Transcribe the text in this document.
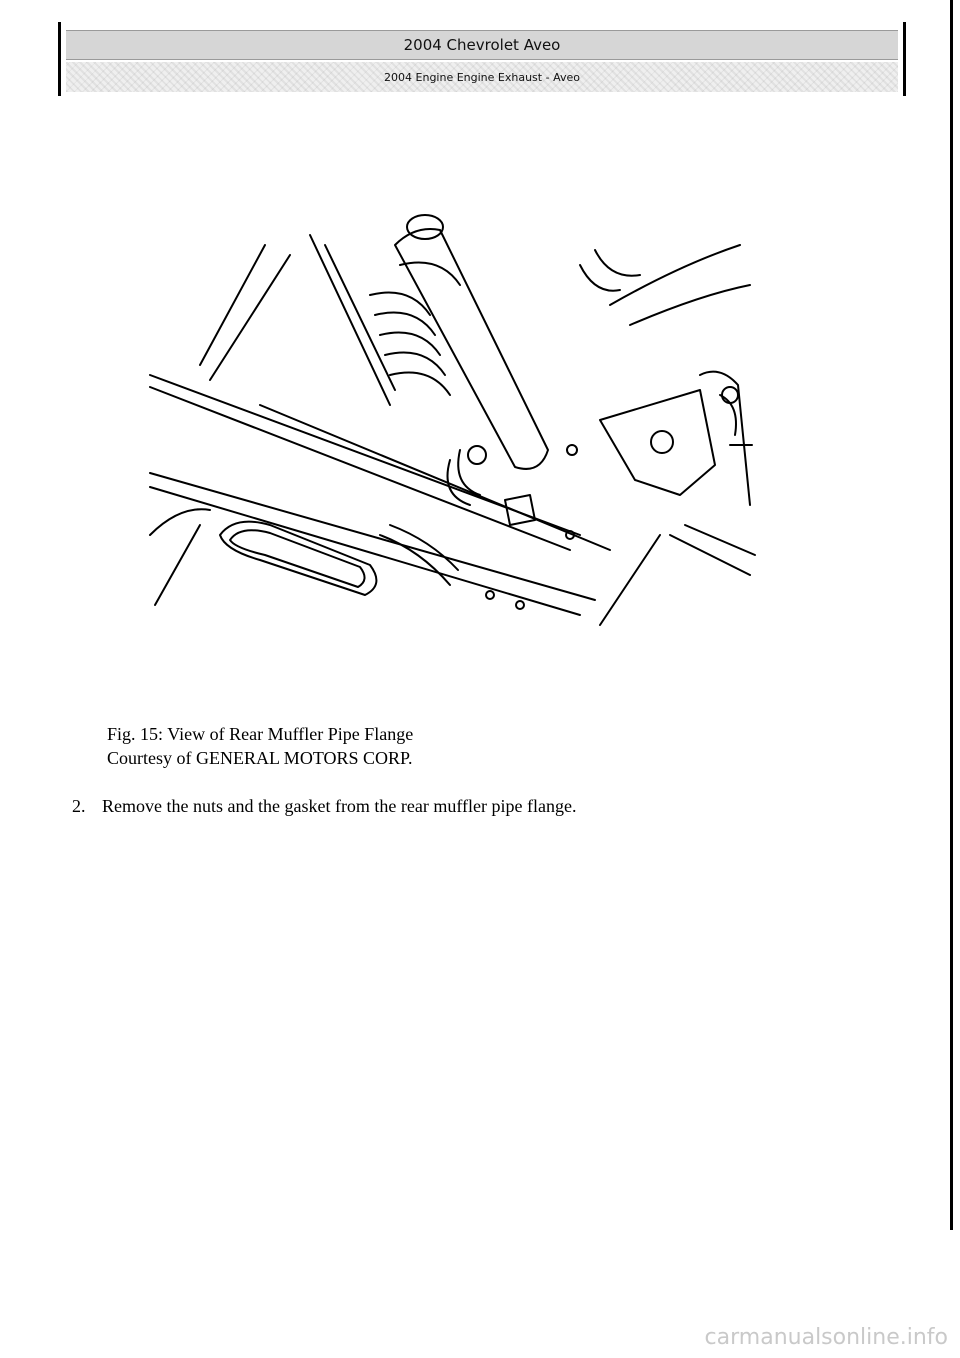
2004 Chevrolet Aveo
2004 Engine Engine Exhaust - Aveo
Fig. 15: View of Rear Muffler Pipe Flange
Courtesy of GENERAL MOTORS CORP.
2. Remove the nuts and the gasket from the rear muffler pipe flange.
carmanualsonline.info
